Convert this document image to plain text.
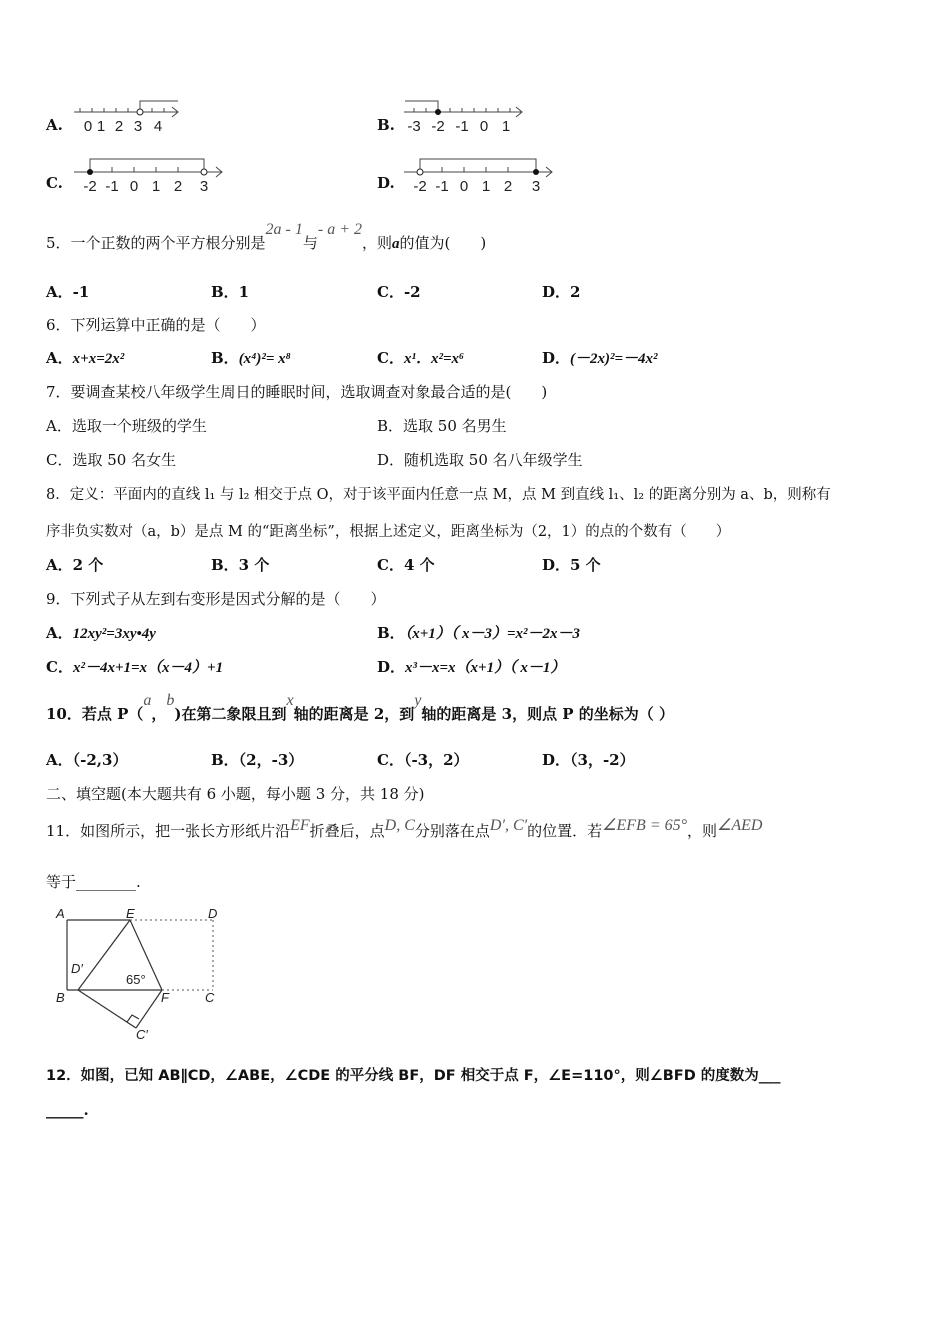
A. 0 1 2 3 4	B. -3 -2 -1 0 1
C. -2 -1 0 1 2 3	D. -2 -1 0 1 2 3
5．一个正数的两个平方根分别是2a - 1与- a + 2，则a的值为(　　)
A．-1	B．1	C．-2	D．2
6．下列运算中正确的是（　　）
A．x+x=2x²	B．(x⁴)²= x⁸	C．x¹．x²=x⁶	D．(－2x)²=－4x²
7．要调查某校八年级学生周日的睡眠时间，选取调查对象最合适的是(　　)
A．选取一个班级的学生	B．选取 50 名男生
C．选取 50 名女生	D．随机选取 50 名八年级学生
8．定义：平面内的直线 l₁ 与 l₂ 相交于点 O，对于该平面内任意一点 M，点 M 到直线 l₁、l₂ 的距离分别为 a、b，则称有
序非负实数对（a，b）是点 M 的“距离坐标”，根据上述定义，距离坐标为（2，1）的点的个数有（　　）
A．2 个	B．3 个	C．4 个	D．5 个
9．下列式子从左到右变形是因式分解的是（　　）
A．12xy²=3xy•4y	B．（x+1）（ x－3）=x²－2x－3
C．x²－4x+1=x（x－4）+1	D．x³－x=x（x+1）（ x－1）
10．若点 P（a，b)在第二象限且到x轴的距离是 2，到y轴的距离是 3，则点 P 的坐标为（ ）
A．（-2,3）	B．（2，-3）	C．（-3，2）	D．（3，-2）
二、填空题(本大题共有 6 小题，每小题 3 分，共 18 分)
11．如图所示，把一张长方形纸片沿EF折叠后，点D, C分别落在点D′, C′的位置．若∠EFB = 65°，则∠AED
等于________.
A	E	D
D′
65°
B	F	C
C′
12．如图，已知 AB∥CD，∠ABE，∠CDE 的平分线 BF，DF 相交于点 F，∠E=110°，则∠BFD 的度数为___
_____.
